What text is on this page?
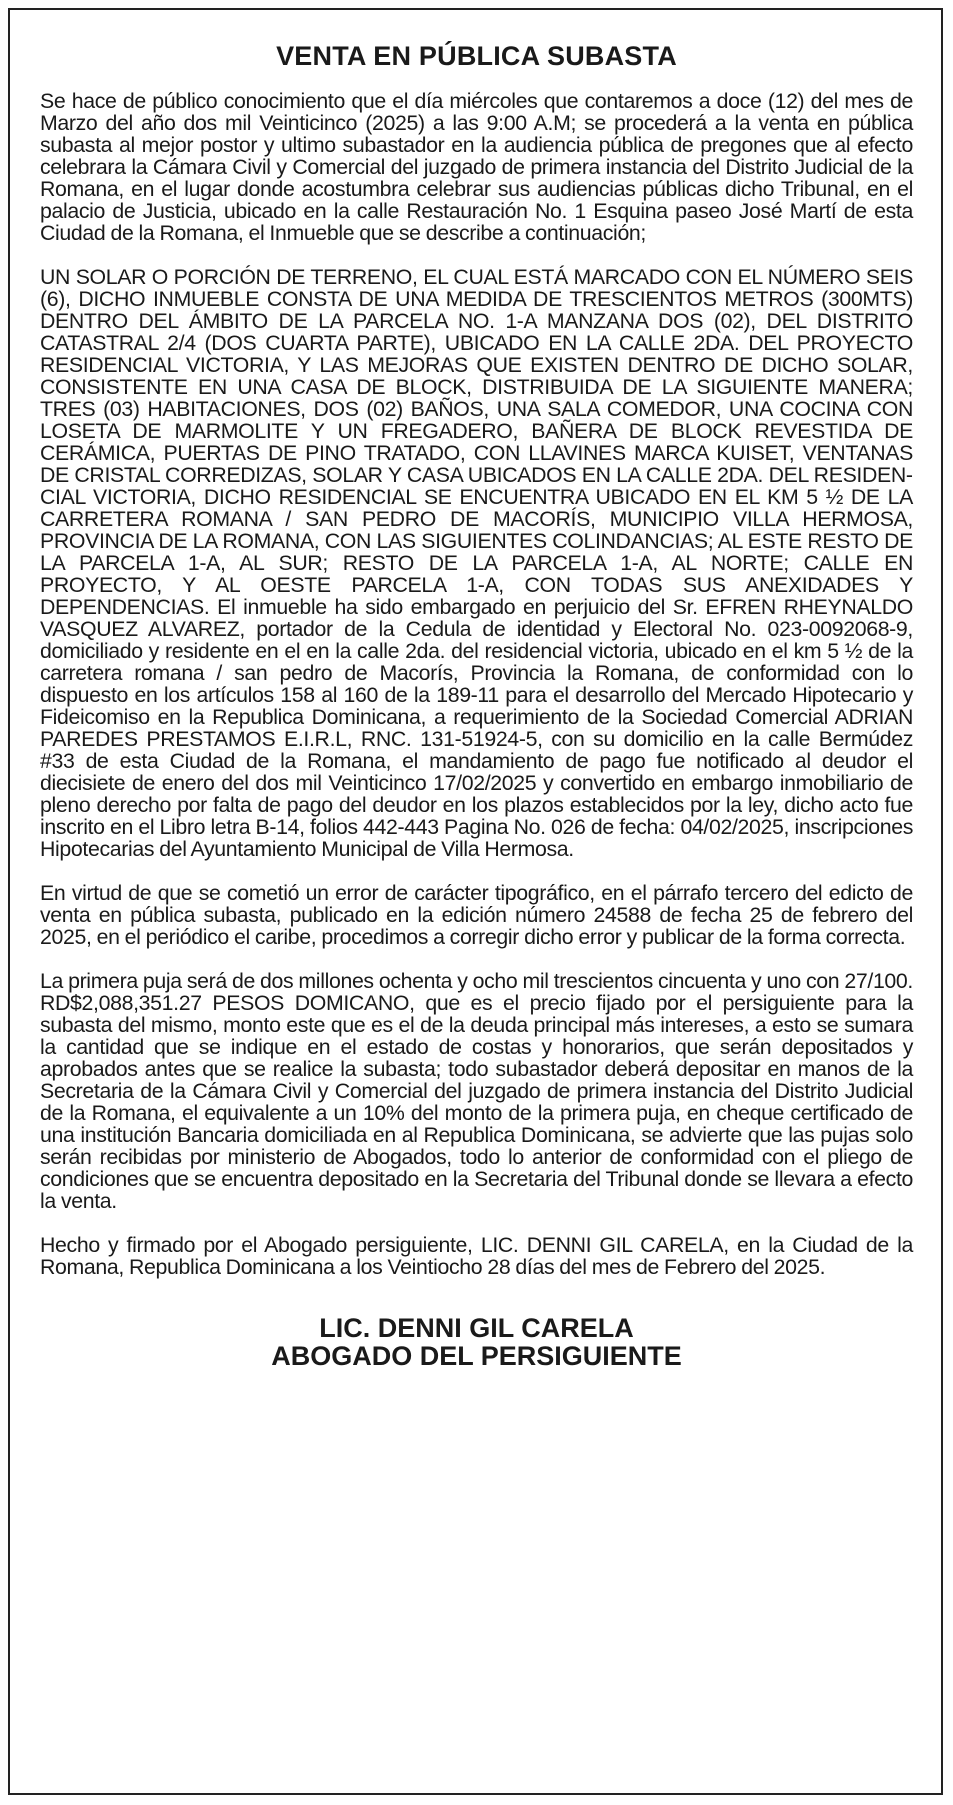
VENTA EN PÚBLICA SUBASTA

Se hace de público conocimiento que el día miércoles que contaremos a doce (12) del mes de Marzo del año dos mil Veinticinco (2025) a las 9:00 A.M; se procederá a la venta en pública subasta al mejor postor y ultimo subastador en la audiencia pública de pregones que al efecto celebrara la Cámara Civil y Comercial del juzgado de primera instancia del Distrito Judicial de la Romana, en el lugar donde acostumbra celebrar sus audiencias públicas dicho Tribunal, en el palacio de Justicia, ubicado en la calle Restauración No. 1 Esquina paseo José Martí de esta Ciudad de la Romana, el Inmueble que se describe a continuación;

UN SOLAR O PORCIÓN DE TERRENO, EL CUAL ESTÁ MARCADO CON EL NÚMERO SEIS (6), DICHO INMUEBLE CONSTA DE UNA MEDIDA DE TRESCIENTOS METROS (300MTS) DENTRO DEL ÁMBITO DE LA PARCELA NO. 1-A MANZANA DOS (02), DEL DISTRITO CATASTRAL 2/4 (DOS CUARTA PARTE), UBICADO EN LA CALLE 2DA. DEL PROYECTO RESIDENCIAL VICTORIA, Y LAS MEJORAS QUE EXISTEN DENTRO DE DICHO SOLAR, CONSISTENTE EN UNA CASA DE BLOCK, DISTRIBUIDA DE LA SIGUIENTE MANERA; TRES (03) HABITACIONES, DOS (02) BAÑOS, UNA SALA COMEDOR, UNA COCINA CON LOSETA DE MARMOLITE Y UN FREGADERO, BAÑERA DE BLOCK REVESTIDA DE CERÁMICA, PUERTAS DE PINO TRATADO, CON LLAVINES MARCA KUISET, VENTANAS DE CRISTAL CORREDIZAS, SOLAR Y CASA UBICADOS EN LA CALLE 2DA. DEL RESIDENCIAL VICTORIA, DICHO RESIDENCIAL SE ENCUENTRA UBICADO EN EL KM 5 ½ DE LA CARRETERA ROMANA / SAN PEDRO DE MACORÍS, MUNICIPIO VILLA HERMOSA, PROVINCIA DE LA ROMANA, CON LAS SIGUIENTES COLINDANCIAS; AL ESTE RESTO DE LA PARCELA 1-A, AL SUR; RESTO DE LA PARCELA 1-A, AL NORTE; CALLE EN PROYECTO, Y AL OESTE PARCELA 1-A, CON TODAS SUS ANEXIDADES Y DEPENDENCIAS. El inmueble ha sido embargado en perjuicio del Sr. EFREN RHEYNALDO VASQUEZ ALVAREZ, portador de la Cedula de identidad y Electoral No. 023-0092068-9, domiciliado y residente en el en la calle 2da. del residencial victoria, ubicado en el km 5 ½ de la carretera romana / san pedro de Macorís, Provincia la Romana, de conformidad con lo dispuesto en los artículos 158 al 160 de la 189-11 para el desarrollo del Mercado Hipotecario y Fideicomiso en la Republica Dominicana, a requerimiento de la Sociedad Comercial ADRIAN PAREDES PRESTAMOS E.I.R.L, RNC. 131-51924-5, con su domicilio en la calle Bermúdez #33 de esta Ciudad de la Romana, el mandamiento de pago fue notificado al deudor el diecisiete de enero del dos mil Veinticinco 17/02/2025 y convertido en embargo inmobiliario de pleno derecho por falta de pago del deudor en los plazos establecidos por la ley, dicho acto fue inscrito en el Libro letra B-14, folios 442-443 Pagina No. 026 de fecha: 04/02/2025, inscripciones Hipotecarias del Ayuntamiento Municipal de Villa Hermosa.

En virtud de que se cometió un error de carácter tipográfico, en el párrafo tercero del edicto de venta en pública subasta, publicado en la edición número 24588 de fecha 25 de febrero del 2025, en el periódico el caribe, procedimos a corregir dicho error y publicar de la forma correcta.

La primera puja será de dos millones ochenta y ocho mil trescientos cincuenta y uno con 27/100. RD$2,088,351.27 PESOS DOMICANO, que es el precio fijado por el persiguiente para la subasta del mismo, monto este que es el de la deuda principal más intereses, a esto se sumara la cantidad que se indique en el estado de costas y honorarios, que serán depositados y aprobados antes que se realice la subasta; todo subastador deberá depositar en manos de la Secretaria de la Cámara Civil y Comercial del juzgado de primera instancia del Distrito Judicial de la Romana, el equivalente a un 10% del monto de la primera puja, en cheque certificado de una institución Bancaria domiciliada en al Republica Dominicana, se advierte que las pujas solo serán recibidas por ministerio de Abogados, todo lo anterior de conformidad con el pliego de condiciones que se encuentra depositado en la Secretaria del Tribunal donde se llevara a efecto la venta.

Hecho y firmado por el Abogado persiguiente, LIC. DENNI GIL CARELA, en la Ciudad de la Romana, Republica Dominicana a los Veintiocho 28 días del mes de Febrero del 2025.

LIC. DENNI GIL CARELA
ABOGADO DEL PERSIGUIENTE
